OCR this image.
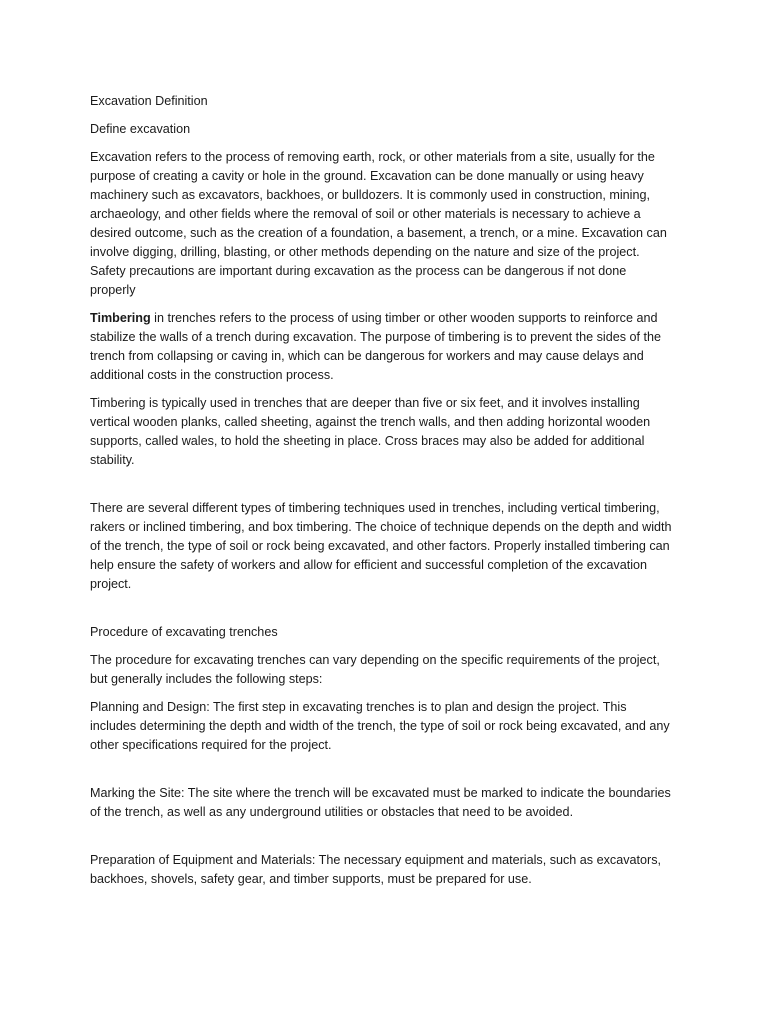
Excavation Definition

Define excavation

Excavation refers to the process of removing earth, rock, or other materials from a site, usually for the purpose of creating a cavity or hole in the ground. Excavation can be done manually or using heavy machinery such as excavators, backhoes, or bulldozers. It is commonly used in construction, mining, archaeology, and other fields where the removal of soil or other materials is necessary to achieve a desired outcome, such as the creation of a foundation, a basement, a trench, or a mine. Excavation can involve digging, drilling, blasting, or other methods depending on the nature and size of the project. Safety precautions are important during excavation as the process can be dangerous if not done properly

Timbering in trenches refers to the process of using timber or other wooden supports to reinforce and stabilize the walls of a trench during excavation. The purpose of timbering is to prevent the sides of the trench from collapsing or caving in, which can be dangerous for workers and may cause delays and additional costs in the construction process.

Timbering is typically used in trenches that are deeper than five or six feet, and it involves installing vertical wooden planks, called sheeting, against the trench walls, and then adding horizontal wooden supports, called wales, to hold the sheeting in place. Cross braces may also be added for additional stability.

There are several different types of timbering techniques used in trenches, including vertical timbering, rakers or inclined timbering, and box timbering. The choice of technique depends on the depth and width of the trench, the type of soil or rock being excavated, and other factors. Properly installed timbering can help ensure the safety of workers and allow for efficient and successful completion of the excavation project.

Procedure of excavating trenches

The procedure for excavating trenches can vary depending on the specific requirements of the project, but generally includes the following steps:

Planning and Design: The first step in excavating trenches is to plan and design the project. This includes determining the depth and width of the trench, the type of soil or rock being excavated, and any other specifications required for the project.

Marking the Site: The site where the trench will be excavated must be marked to indicate the boundaries of the trench, as well as any underground utilities or obstacles that need to be avoided.

Preparation of Equipment and Materials: The necessary equipment and materials, such as excavators, backhoes, shovels, safety gear, and timber supports, must be prepared for use.
